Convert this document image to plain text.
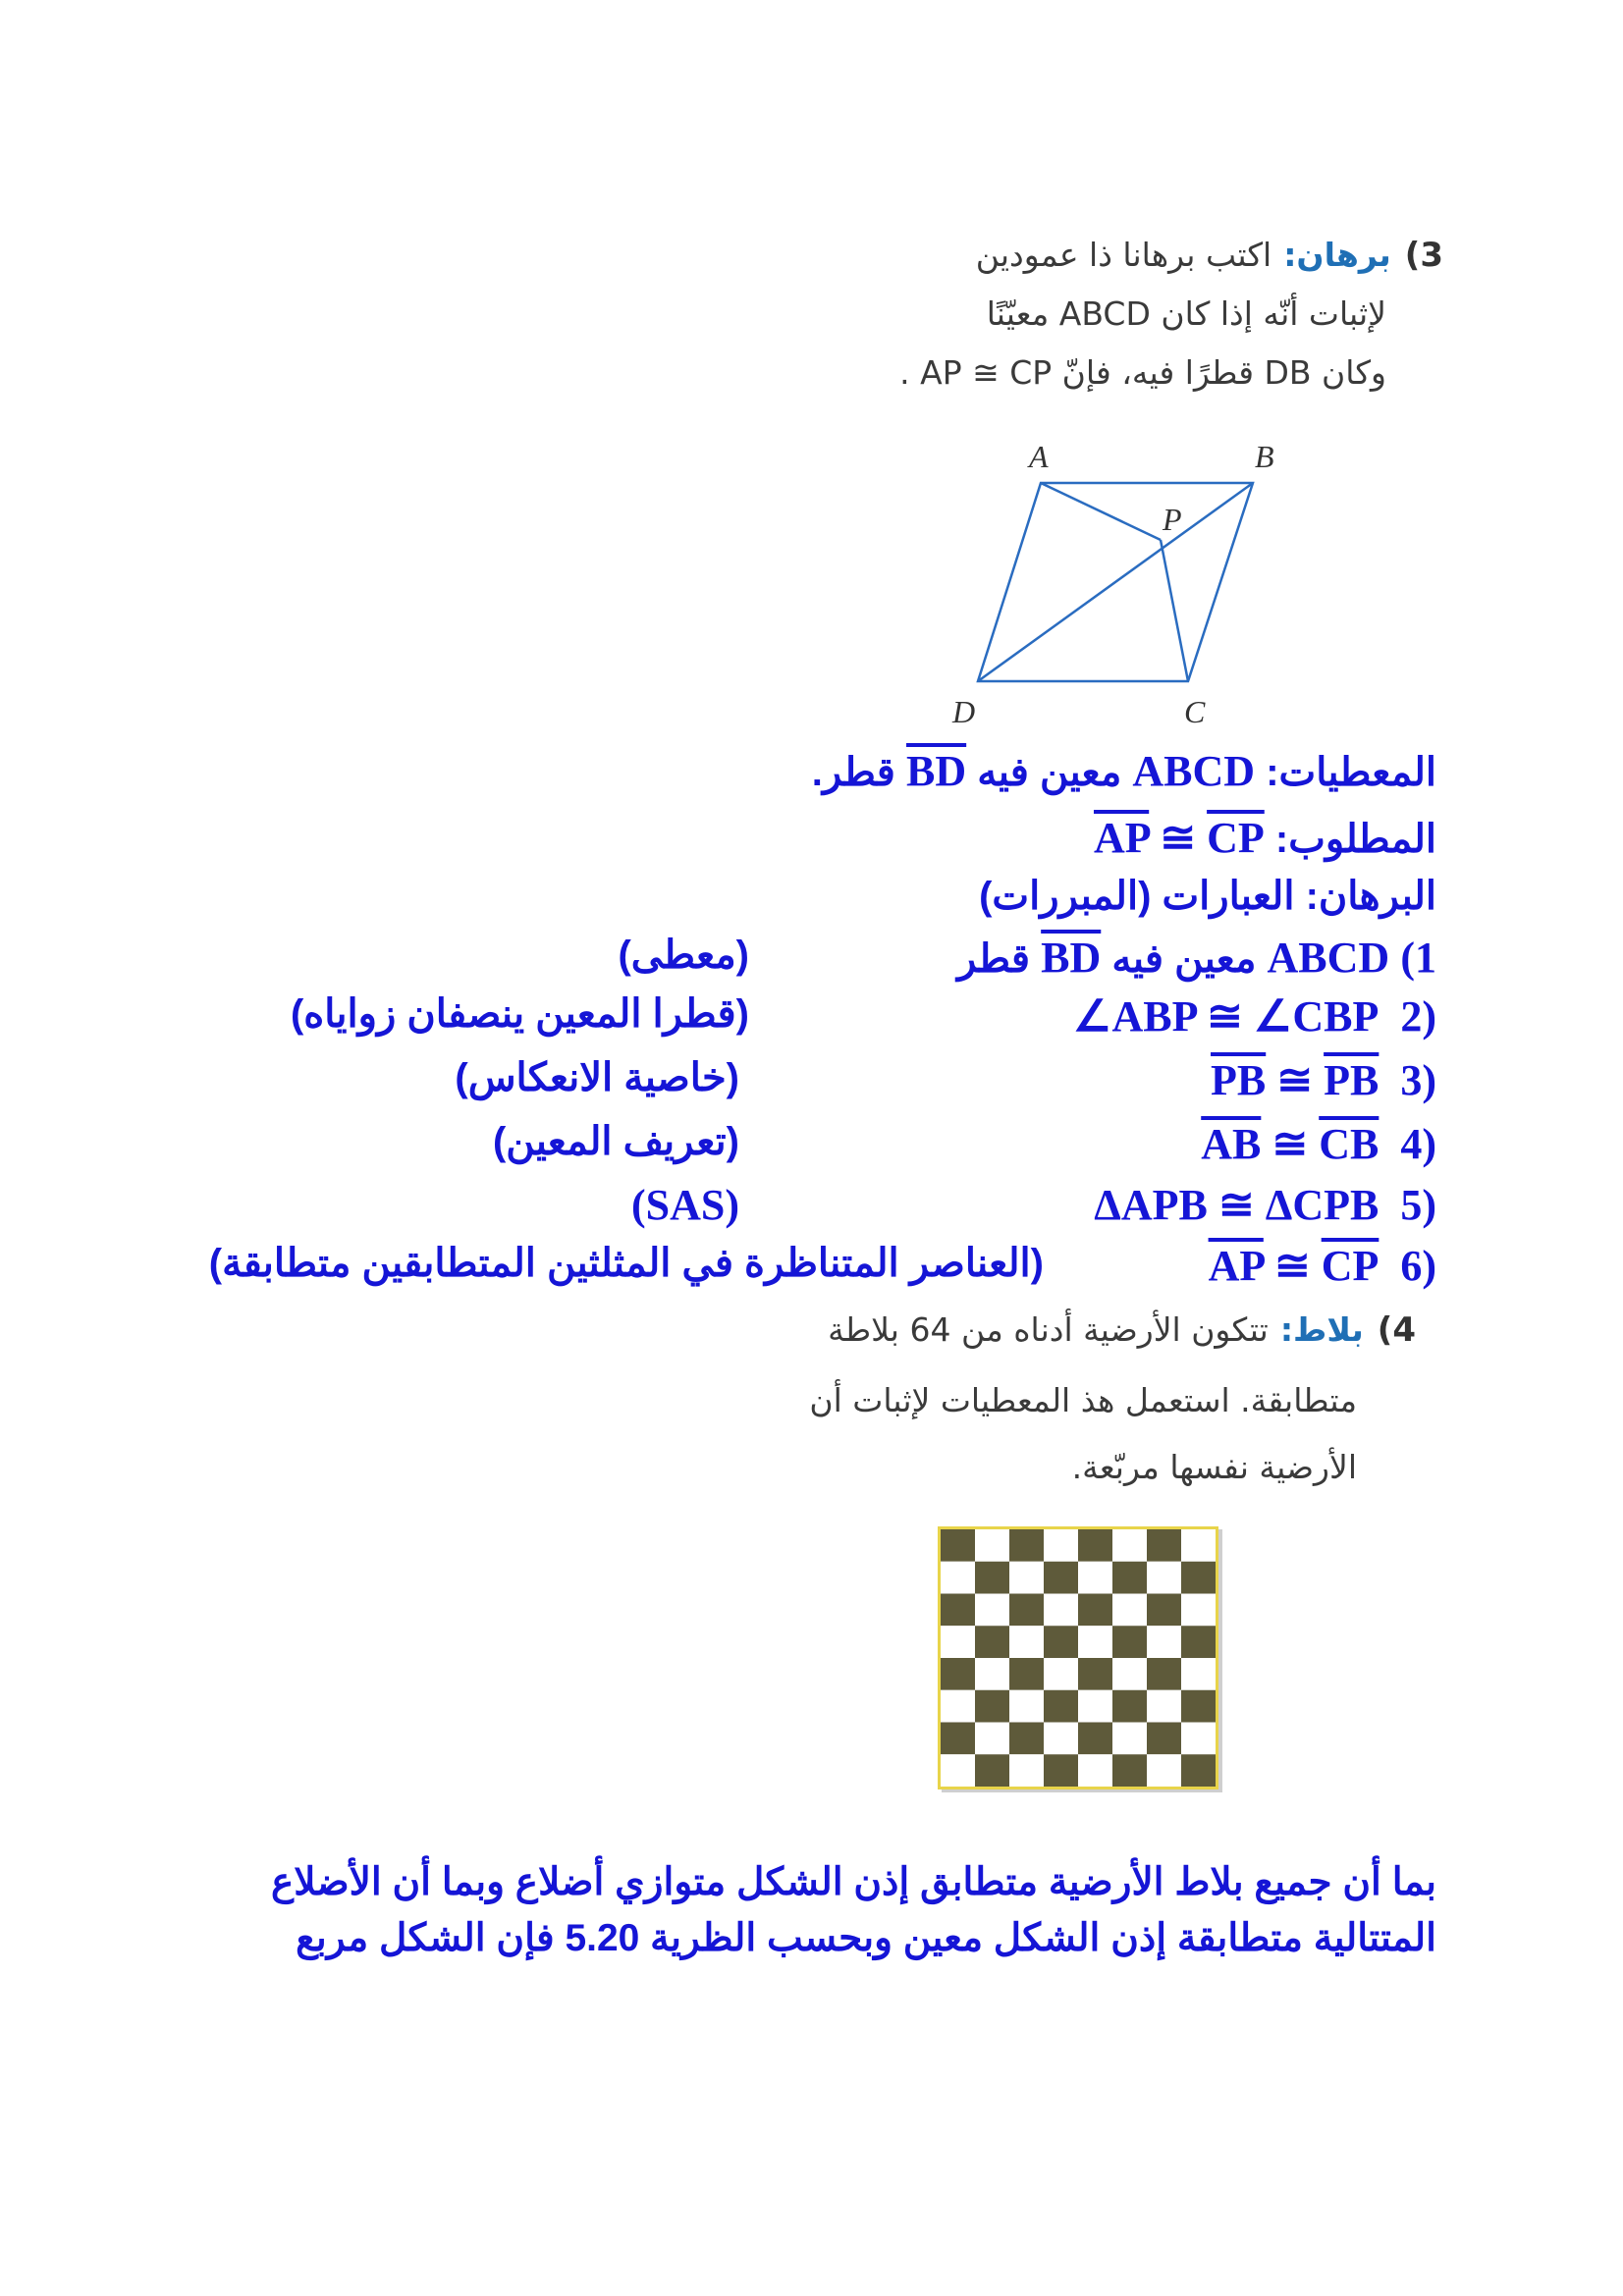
3)برهان:اكتب برهانا ذا عمودين
لإثبات أنّه إذا كان ABCD معيّنًا
وكان DB قطرًا فيه، فإنّ AP ≅ CP .
A	B
P
D	C
المعطيات: ABCD معين فيه BD قطر.
المطلوب: $\overline{AP}$ ≅ $\overline{CP}$
البرهان: العبارات (المبررات)
1) ABCD معين فيه BD قطر
(معطى)
∠ABP ≅ ∠CBP 2)
(قطرا المعين ينصفان زواياه)
$\overline{PB}$ ≅ $\overline{PB}$ 3)
(خاصية الانعكاس)
$\overline{AB}$ ≅ $\overline{CB}$ 4)
(تعريف المعين)
ΔAPB ≅ ΔCPB 5)
(SAS)
$\overline{AP}$ ≅ $\overline{CP}$ 6)
(العناصر المتناظرة في المثلثين المتطابقين متطابقة)
4)بلاط:تتكون الأرضية أدناه من 64 بلاطة
متطابقة. استعمل هذ المعطيات لإثبات أن
الأرضية نفسها مربّعة.
بما أن جميع بلاط الأرضية متطابق إذن الشكل متوازي أضلاع وبما أن الأضلاع
المتتالية متطابقة إذن الشكل معين وبحسب الظرية 5.20 فإن الشكل مربع
